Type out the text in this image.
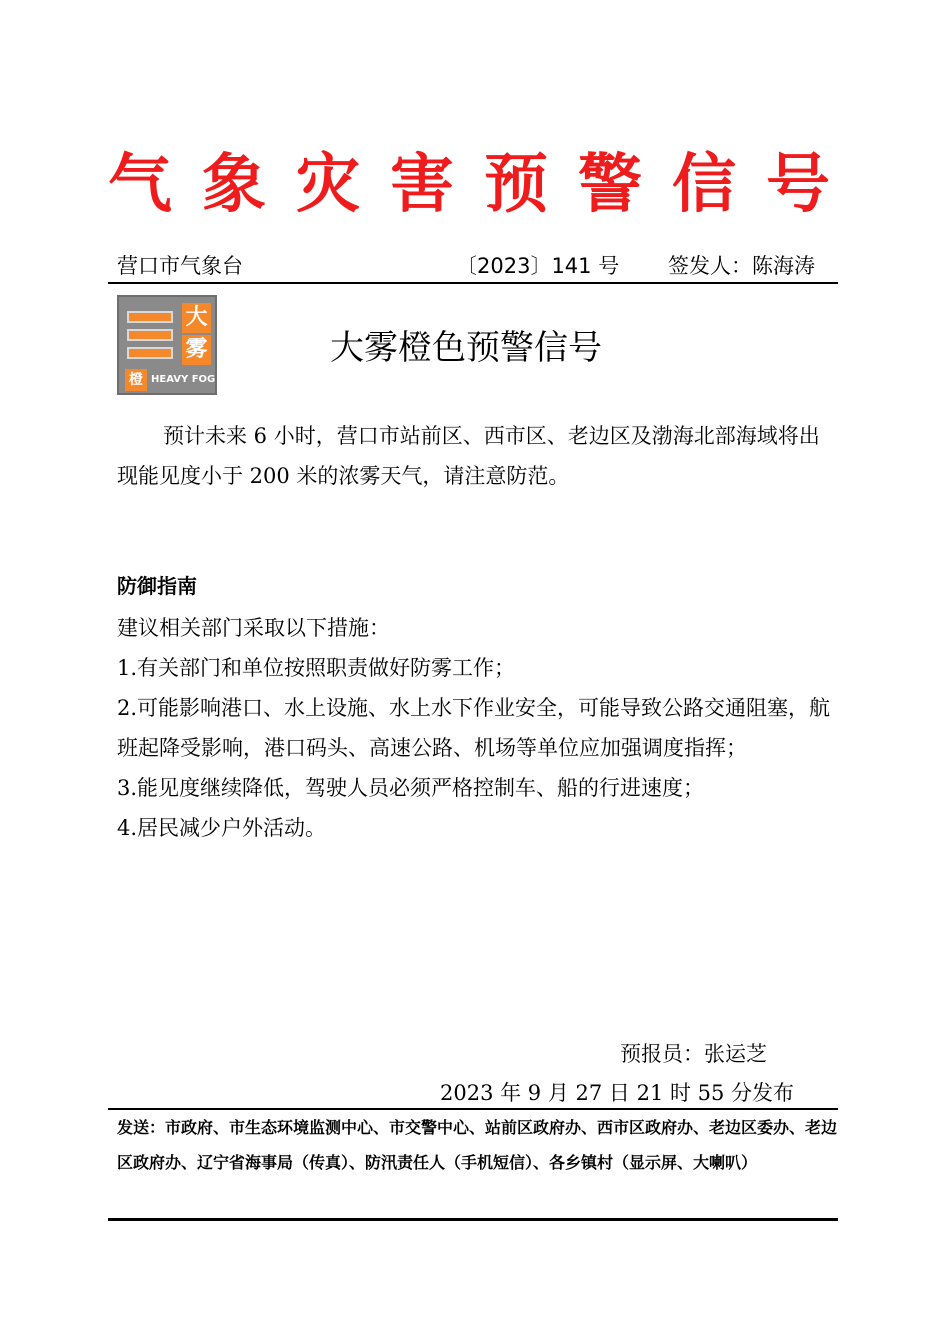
气象灾害预警信号
营口市气象台	〔2023〕141 号 签发人：陈海涛
大
雾
橙 HEAVY FOG
大雾橙色预警信号
预计未来 6 小时，营口市站前区、西市区、老边区及渤海北部海域将出现能见度小于 200 米的浓雾天气，请注意防范。
防御指南
建议相关部门采取以下措施：
1.有关部门和单位按照职责做好防雾工作；
2.可能影响港口、水上设施、水上水下作业安全，可能导致公路交通阻塞，航班起降受影响，港口码头、高速公路、机场等单位应加强调度指挥；
3.能见度继续降低，驾驶人员必须严格控制车、船的行进速度；
4.居民减少户外活动。
预报员：张运芝
2023 年 9 月 27 日 21 时 55 分发布
发送：市政府、市生态环境监测中心、市交警中心、站前区政府办、西市区政府办、老边区委办、老边区政府办、辽宁省海事局（传真）、防汛责任人（手机短信）、各乡镇村（显示屏、大喇叭）
